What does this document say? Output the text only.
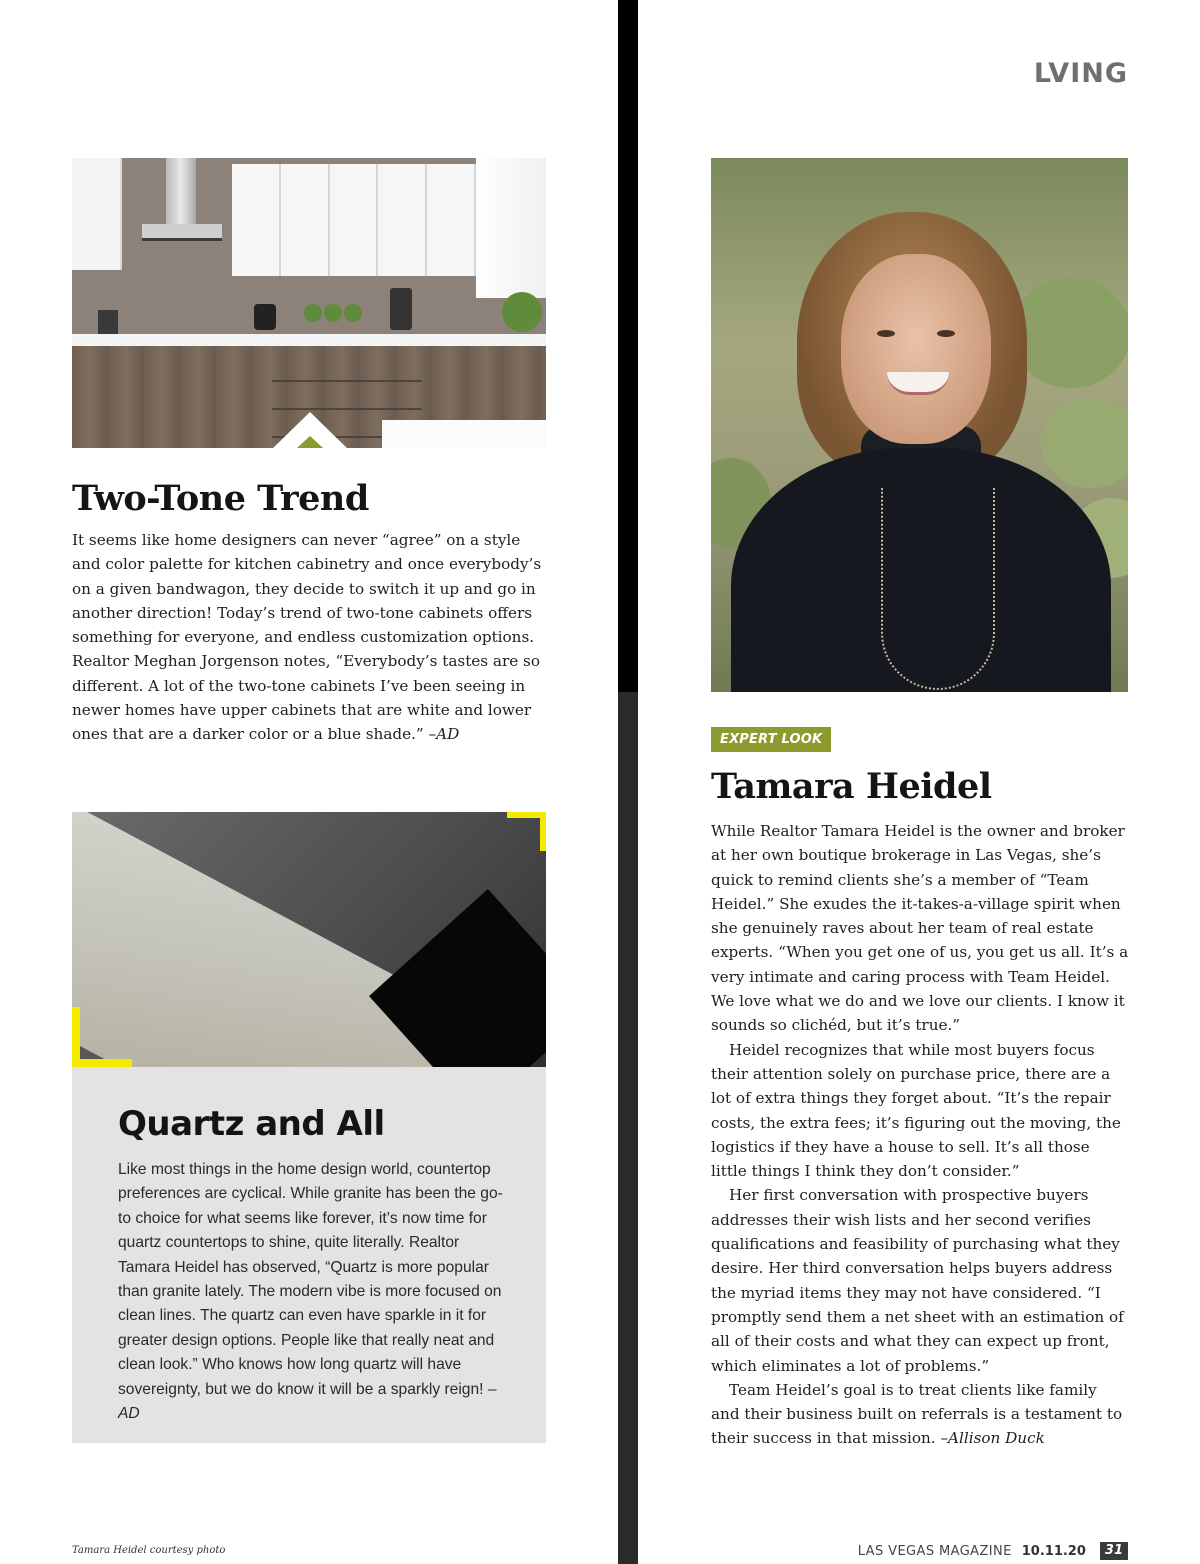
LVING
Two-Tone Trend

It seems like home designers can never “agree” on a style and color palette for kitchen cabinetry and once everybody’s on a given bandwagon, they decide to switch it up and go in another direction! Today’s trend of two-tone cabinets offers something for everyone, and endless customization options. Realtor Meghan Jorgenson notes, “Everybody’s tastes are so different. A lot of the two-tone cabinets I’ve been seeing in newer homes have upper cabinets that are white and lower ones that are a darker color or a blue shade.” –AD

Quartz and All

Like most things in the home design world, countertop preferences are cyclical. While granite has been the go-to choice for what seems like forever, it’s now time for quartz countertops to shine, quite literally. Realtor Tamara Heidel has observed, “Quartz is more popular than granite lately. The modern vibe is more focused on clean lines. The quartz can even have sparkle in it for greater design options. People like that really neat and clean look.” Who knows how long quartz will have sovereignty, but we do know it will be a sparkly reign! –AD

EXPERT LOOK
Tamara Heidel

While Realtor Tamara Heidel is the owner and broker at her own boutique brokerage in Las Vegas, she’s quick to remind clients she’s a member of “Team Heidel.” She exudes the it-takes-a-village spirit when she genuinely raves about her team of real estate experts. “When you get one of us, you get us all. It’s a very intimate and caring process with Team Heidel. We love what we do and we love our clients. I know it sounds so clichéd, but it’s true.”

Heidel recognizes that while most buyers focus their attention solely on purchase price, there are a lot of extra things they forget about. “It’s the repair costs, the extra fees; it’s figuring out the moving, the logistics if they have a house to sell. It’s all those little things I think they don’t consider.”

Her first conversation with prospective buyers addresses their wish lists and her second verifies qualifications and feasibility of purchasing what they desire. Her third conversation helps buyers address the myriad items they may not have considered. “I promptly send them a net sheet with an estimation of all of their costs and what they can expect up front, which eliminates a lot of problems.”

Team Heidel’s goal is to treat clients like family and their business built on referrals is a testament to their success in that mission. –Allison Duck

Tamara Heidel courtesy photo	LAS VEGAS MAGAZINE 10.11.20	31
